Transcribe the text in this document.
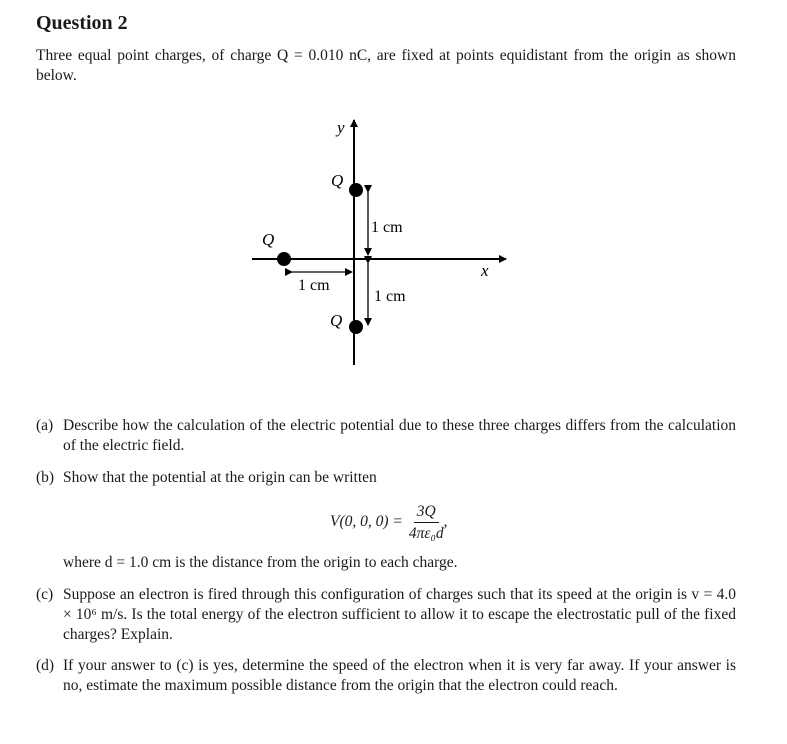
Question 2
Three equal point charges, of charge Q = 0.010 nC, are fixed at points equidistant from the origin as shown below.
y
x
Q
Q
Q
1 cm
1 cm
1 cm
(a) Describe how the calculation of the electric potential due to these three charges differs from the calculation of the electric field.
(b) Show that the potential at the origin can be written
V(0, 0, $0) = \frac{3Q}{\text{4πε₀d}}$ ,
where d = 1.0 cm is the distance from the origin to each charge.
(c) Suppose an electron is fired through this configuration of charges such that its speed at the origin is v = 4.0 × 10⁶ m/s. Is the total energy of the electron sufficient to allow it to escape the electrostatic pull of the fixed charges? Explain.
(d) If your answer to (c) is yes, determine the speed of the electron when it is very far away. If your answer is no, estimate the maximum possible distance from the origin that the electron could reach.
